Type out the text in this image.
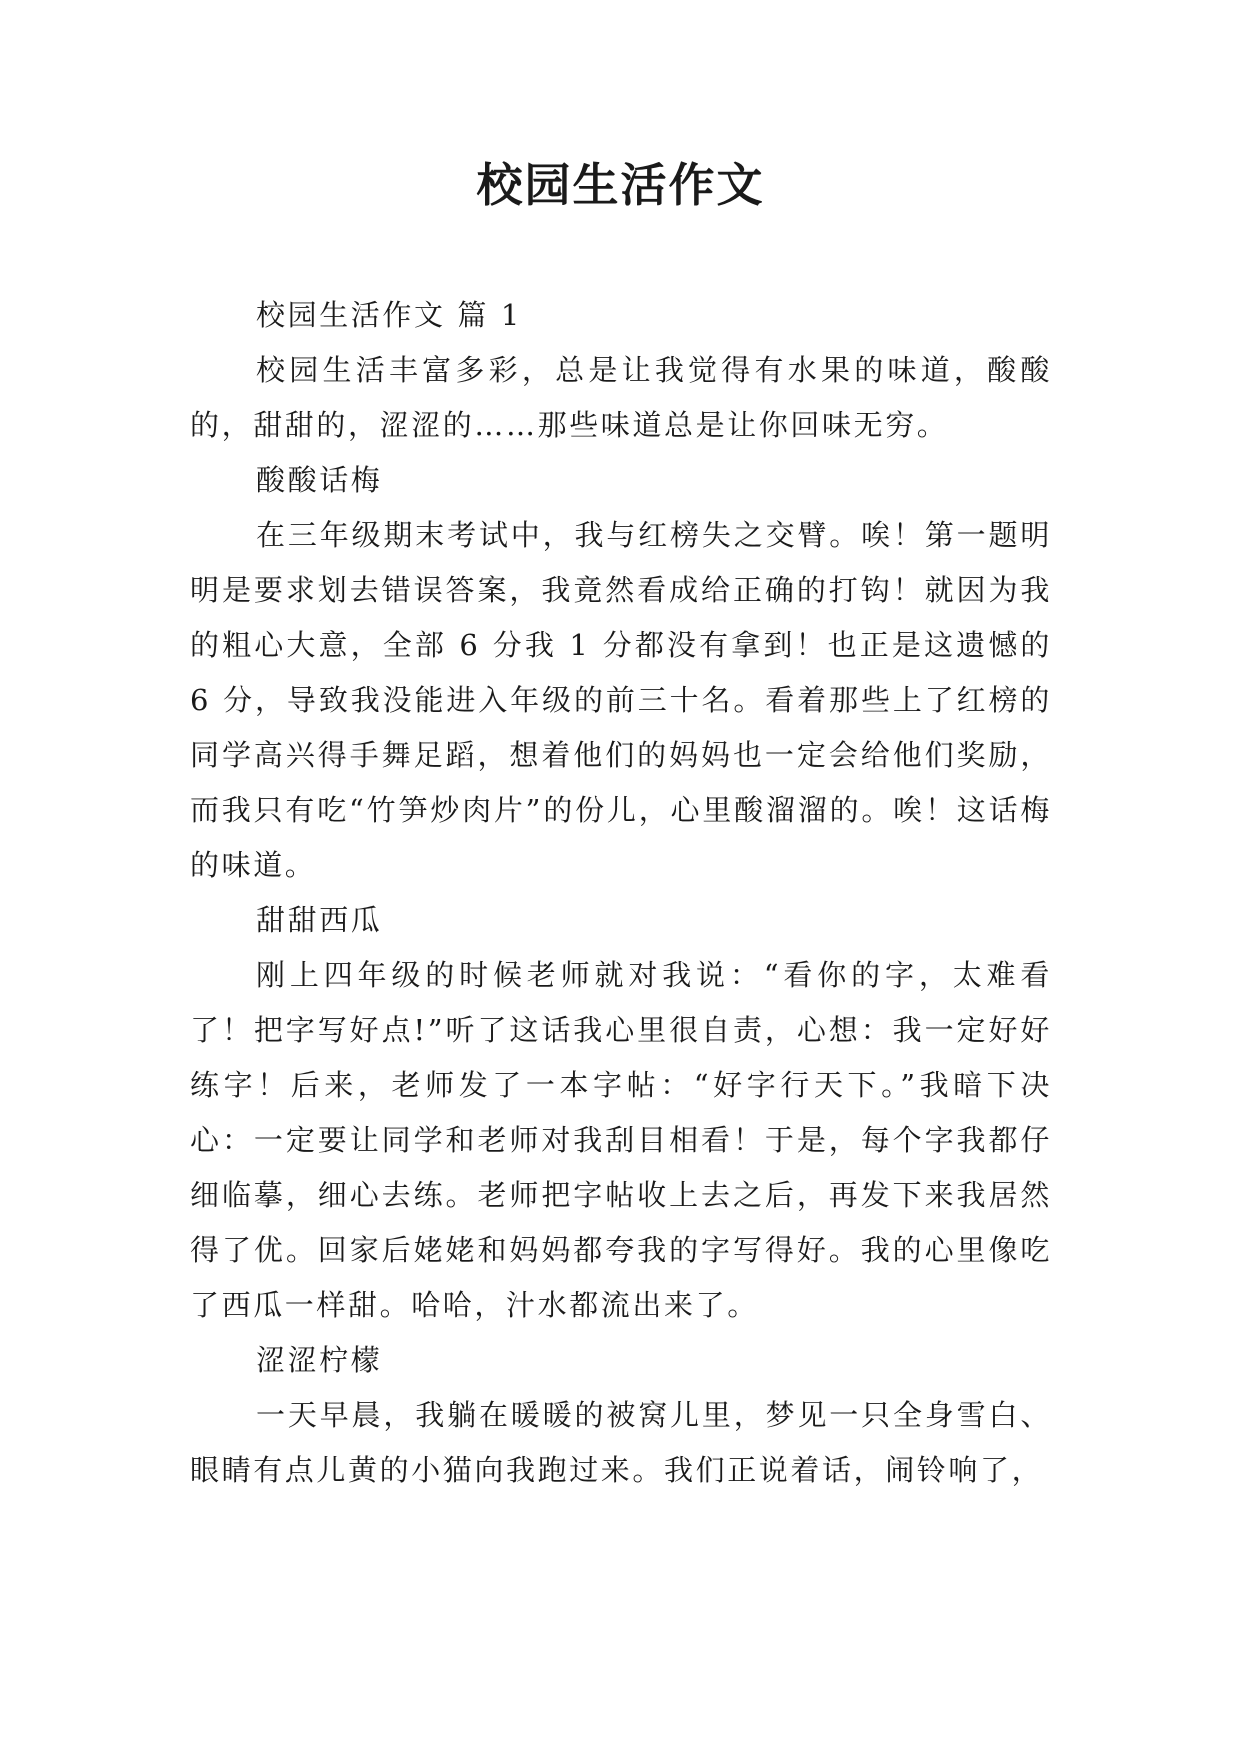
校园生活作文

校园生活作文 篇 1

校园生活丰富多彩，总是让我觉得有水果的味道，酸酸的，甜甜的，涩涩的……那些味道总是让你回味无穷。

酸酸话梅

在三年级期末考试中，我与红榜失之交臂。唉！第一题明明是要求划去错误答案，我竟然看成给正确的打钩！就因为我的粗心大意，全部 6 分我 1 分都没有拿到！也正是这遗憾的 6 分，导致我没能进入年级的前三十名。看着那些上了红榜的同学高兴得手舞足蹈，想着他们的妈妈也一定会给他们奖励，而我只有吃“竹笋炒肉片”的份儿，心里酸溜溜的。唉！这话梅的味道。

甜甜西瓜

刚上四年级的时候老师就对我说：“看你的字，太难看了！把字写好点!”听了这话我心里很自责，心想：我一定好好练字！后来，老师发了一本字帖：“好字行天下。”我暗下决心：一定要让同学和老师对我刮目相看！于是，每个字我都仔细临摹，细心去练。老师把字帖收上去之后，再发下来我居然得了优。回家后姥姥和妈妈都夸我的字写得好。我的心里像吃了西瓜一样甜。哈哈，汁水都流出来了。

涩涩柠檬

一天早晨，我躺在暖暖的被窝儿里，梦见一只全身雪白、眼睛有点儿黄的小猫向我跑过来。我们正说着话，闹铃响了，
